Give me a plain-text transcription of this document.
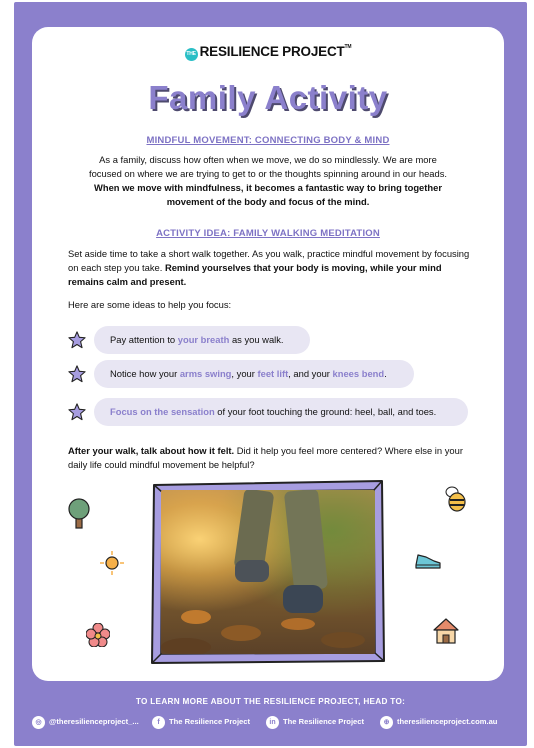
THE RESILIENCE PROJECT™
Family Activity
MINDFUL MOVEMENT: CONNECTING BODY & MIND
As a family, discuss how often when we move, we do so mindlessly. We are more focused on where we are trying to get to or the thoughts spinning around in our heads. When we move with mindfulness, it becomes a fantastic way to bring together movement of the body and focus of the mind.
ACTIVITY IDEA: FAMILY WALKING MEDITATION
Set aside time to take a short walk together. As you walk, practice mindful movement by focusing on each step you take. Remind yourselves that your body is moving, while your mind remains calm and present.
Here are some ideas to help you focus:
Pay attention to your breath as you walk.
Notice how your arms swing, your feet lift, and your knees bend.
Focus on the sensation of your foot touching the ground: heel, ball, and toes.
After your walk, talk about how it felt. Did it help you feel more centered? Where else in your daily life could mindful movement be helpful?
TO LEARN MORE ABOUT THE RESILIENCE PROJECT, HEAD TO:
◎ @theresilienceproject_...	f The Resilience Project	in The Resilience Project	⊕ theresilienceproject.com.au
